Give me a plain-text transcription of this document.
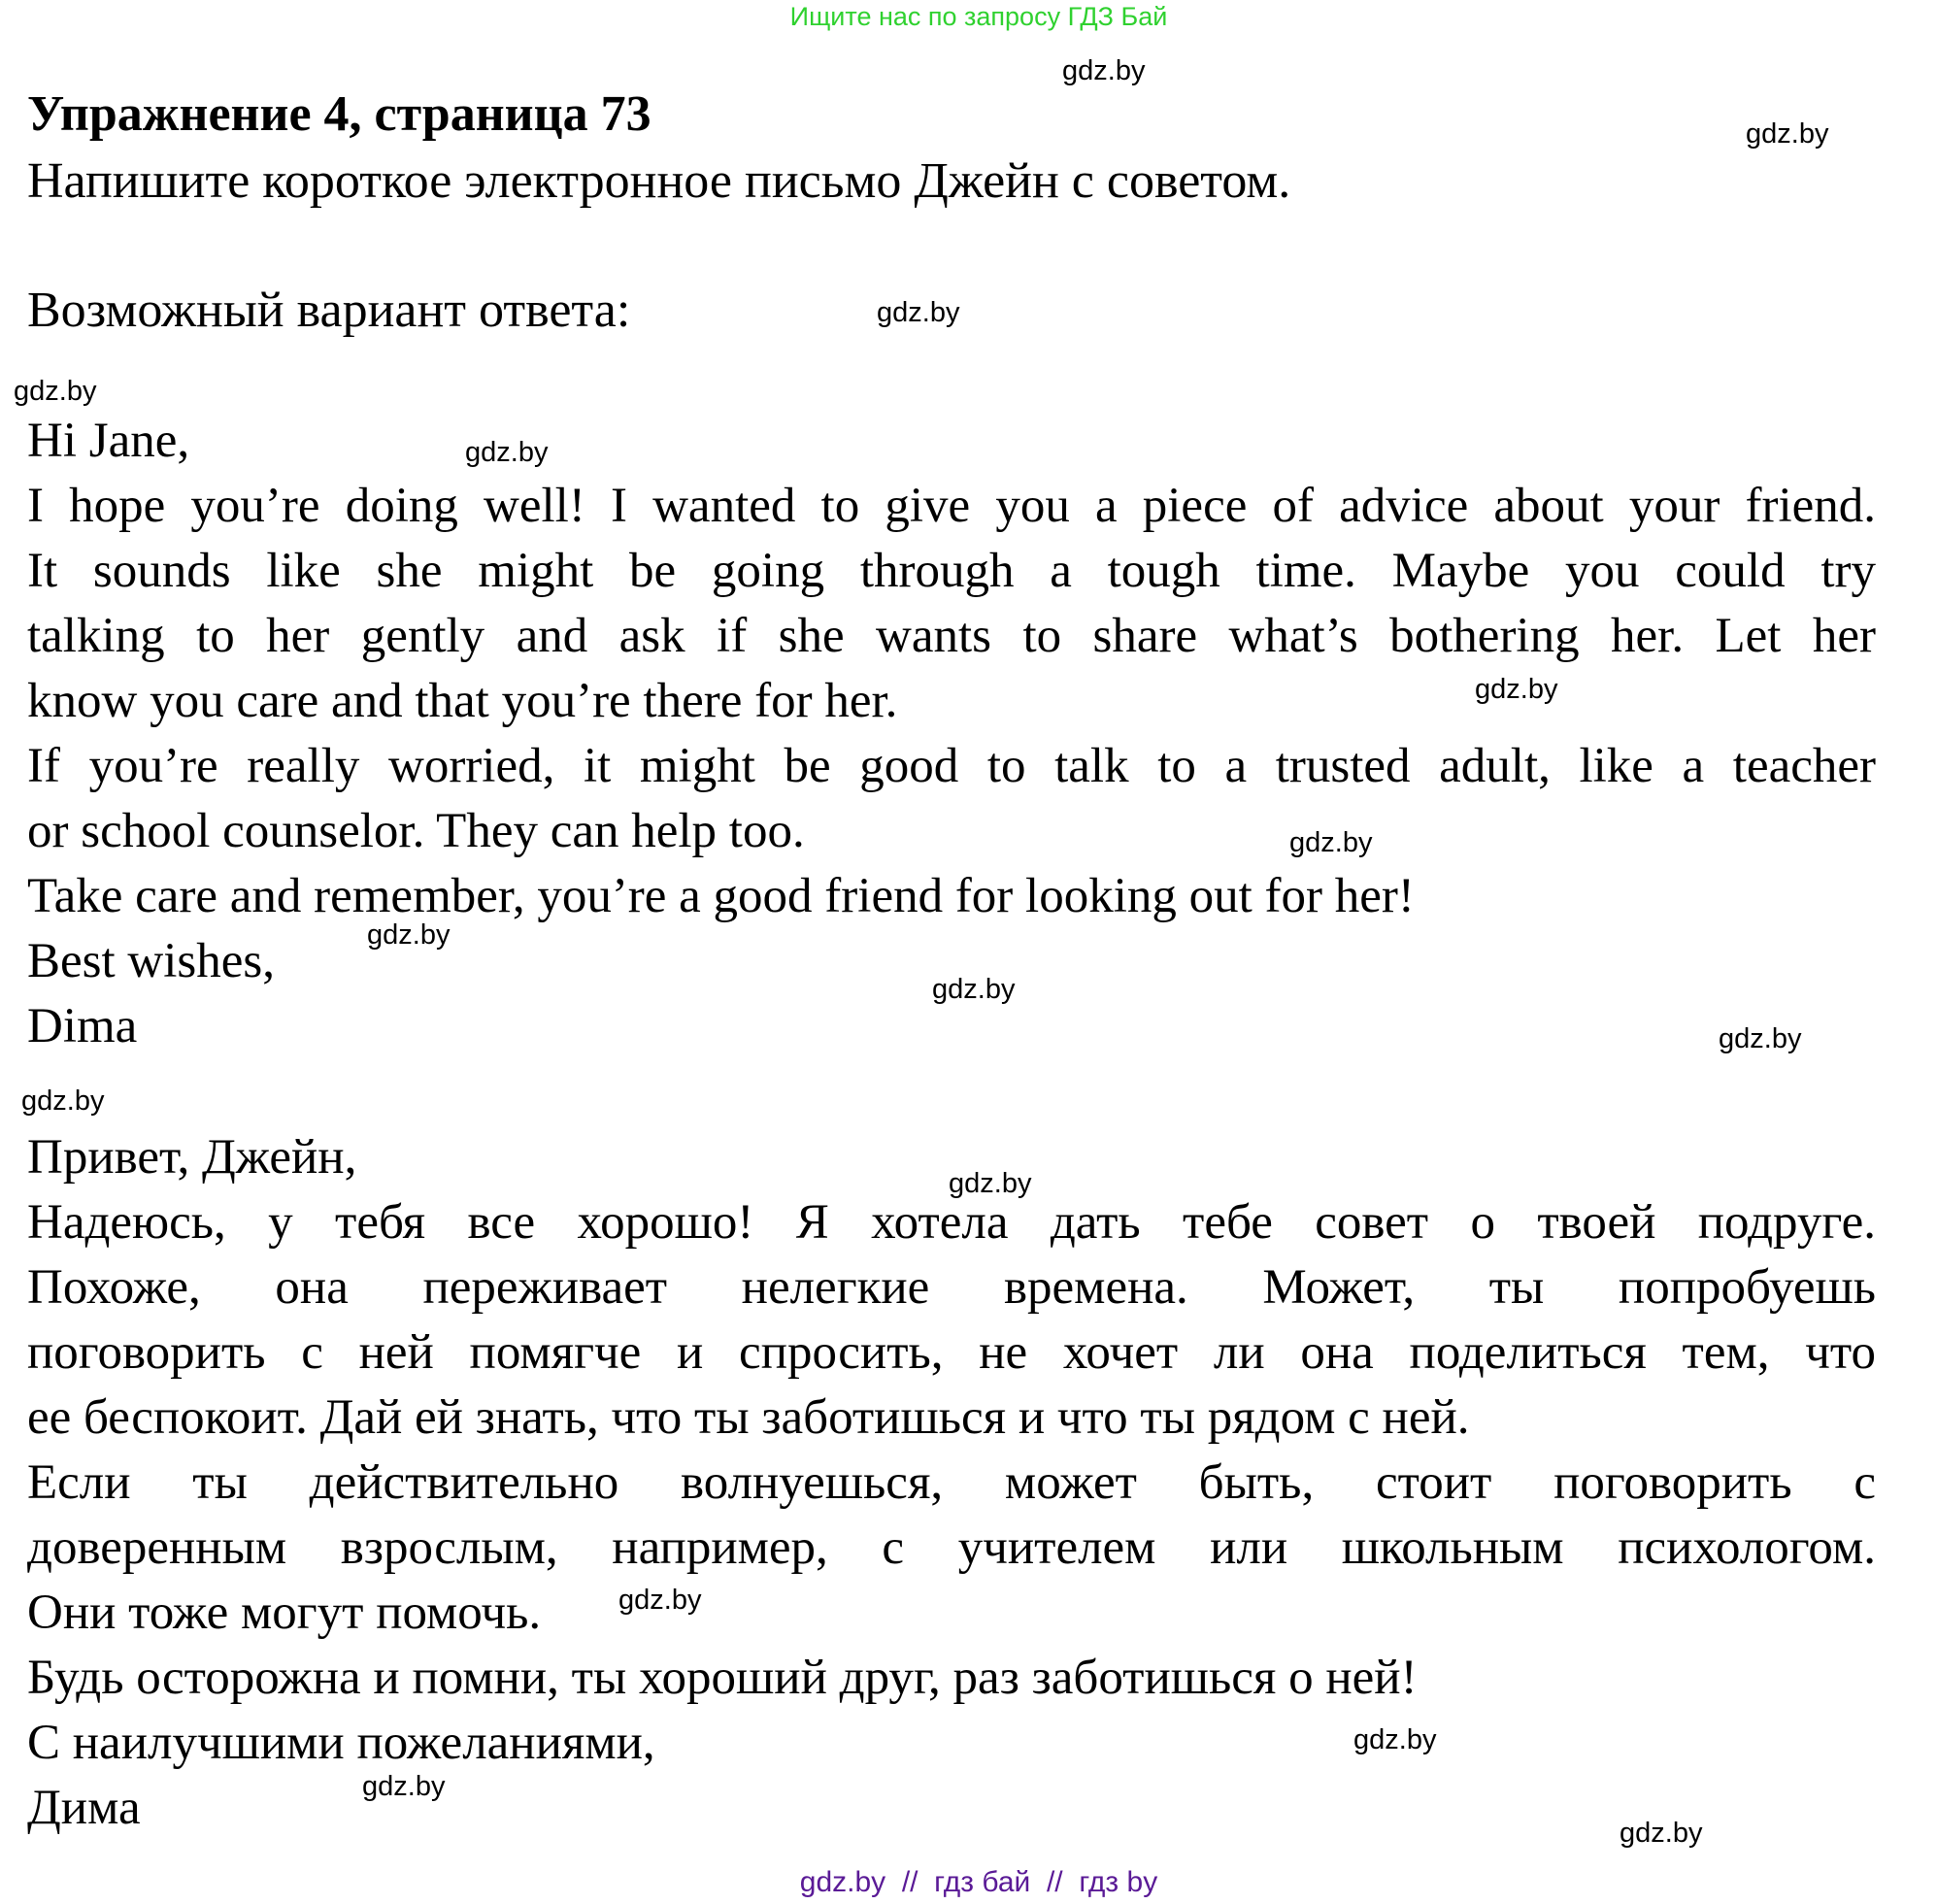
Ищите нас по запросу ГДЗ Бай
Упражнение 4, страница 73
Напишите короткое электронное письмо Джейн с советом.
Возможный вариант ответа:
Hi Jane,
I hope you’re doing well! I wanted to give you a piece of advice about your friend.
It sounds like she might be going through a tough time. Maybe you could try
talking to her gently and ask if she wants to share what’s bothering her. Let her
know you care and that you’re there for her.
If you’re really worried, it might be good to talk to a trusted adult, like a teacher
or school counselor. They can help too.
Take care and remember, you’re a good friend for looking out for her!
Best wishes,
Dima
Привет, Джейн,
Надеюсь, у тебя все хорошо! Я хотела дать тебе совет о твоей подруге.
Похоже, она переживает нелегкие времена. Может, ты попробуешь
поговорить с ней помягче и спросить, не хочет ли она поделиться тем, что
ее беспокоит. Дай ей знать, что ты заботишься и что ты рядом с ней.
Если ты действительно волнуешься, может быть, стоит поговорить с
доверенным взрослым, например, с учителем или школьным психологом.
Они тоже могут помочь.
Будь осторожна и помни, ты хороший друг, раз заботишься о ней!
С наилучшими пожеланиями,
Дима
gdz.by
gdz.by
gdz.by
gdz.by
gdz.by
gdz.by
gdz.by
gdz.by
gdz.by
gdz.by
gdz.by
gdz.by
gdz.by
gdz.by
gdz.by
gdz.by
gdz.by  //  гдз бай  //  гдз by
